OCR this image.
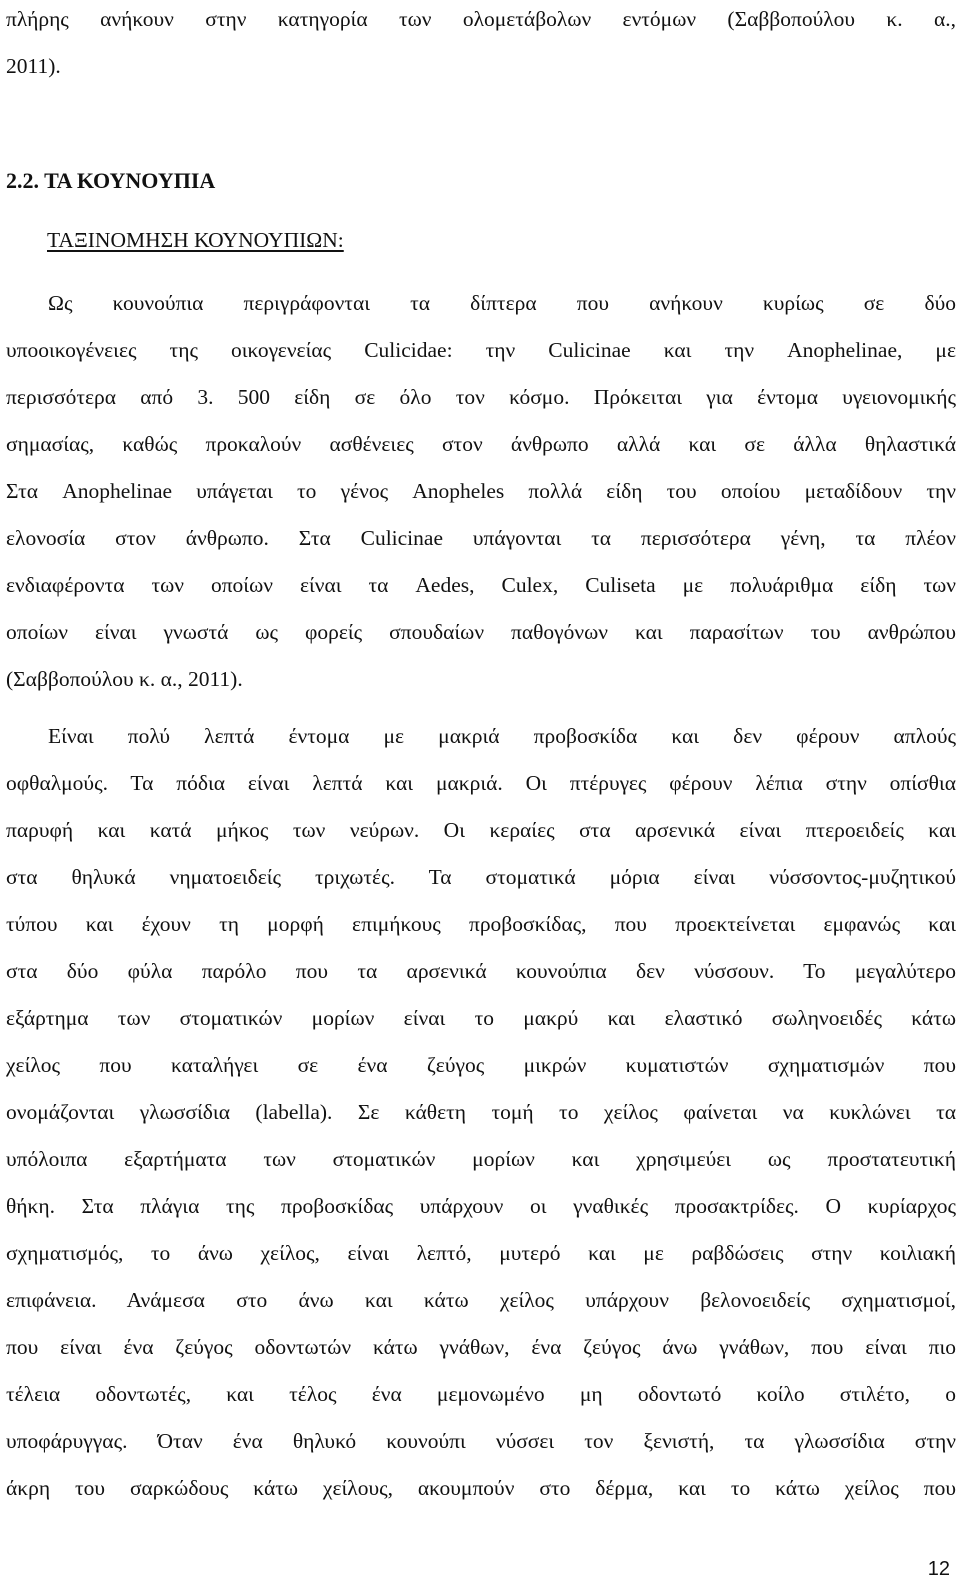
πλήρης ανήκουν στην κατηγορία των ολομετάβολων εντόμων (Σαββοπούλου κ. α.,
2011).
2.2. ΤΑ ΚΟΥΝΟΥΠΙΑ
ΤΑΞΙΝΟΜΗΣΗ ΚΟΥΝΟΥΠΙΩΝ:
Ως κουνούπια περιγράφονται τα δίπτερα που ανήκουν κυρίως σε δύο
υποοικογένειες της οικογενείας Culicidae: την Culicinae και την Anophelinae, με
περισσότερα από 3. 500 είδη σε όλο τον κόσμο. Πρόκειται για έντομα υγειονομικής
σημασίας, καθώς προκαλούν ασθένειες στον άνθρωπο αλλά και σε άλλα θηλαστικά
Στα Anophelinae υπάγεται το γένος Anopheles πολλά είδη του οποίου μεταδίδουν την
ελονοσία στον άνθρωπο. Στα Culicinae υπάγονται τα περισσότερα γένη, τα πλέον
ενδιαφέροντα των οποίων είναι τα Aedes, Culex, Culiseta με πολυάριθμα είδη των
οποίων είναι γνωστά ως φορείς σπουδαίων παθογόνων και παρασίτων του ανθρώπου
(Σαββοπούλου κ. α., 2011).
Είναι πολύ λεπτά έντομα με μακριά προβοσκίδα και δεν φέρουν απλούς
οφθαλμούς. Τα πόδια είναι λεπτά και μακριά. Οι πτέρυγες φέρουν λέπια στην οπίσθια
παρυφή και κατά μήκος των νεύρων. Οι κεραίες στα αρσενικά είναι πτεροειδείς και
στα θηλυκά νηματοειδείς τριχωτές. Τα στοματικά μόρια είναι νύσσοντος-μυζητικού
τύπου και έχουν τη μορφή επιμήκους προβοσκίδας, που προεκτείνεται εμφανώς και
στα δύο φύλα παρόλο που τα αρσενικά κουνούπια δεν νύσσουν. Το μεγαλύτερο
εξάρτημα των στοματικών μορίων είναι το μακρύ και ελαστικό σωληνοειδές κάτω
χείλος που καταλήγει σε ένα ζεύγος μικρών κυματιστών σχηματισμών που
ονομάζονται γλωσσίδια (labella). Σε κάθετη τομή το χείλος φαίνεται να κυκλώνει τα
υπόλοιπα εξαρτήματα των στοματικών μορίων και χρησιμεύει ως προστατευτική
θήκη. Στα πλάγια της προβοσκίδας υπάρχουν οι γναθικές προσακτρίδες. Ο κυρίαρχος
σχηματισμός, το άνω χείλος, είναι λεπτό, μυτερό και με ραβδώσεις στην κοιλιακή
επιφάνεια. Ανάμεσα στο άνω και κάτω χείλος υπάρχουν βελονοειδείς σχηματισμοί,
που είναι ένα ζεύγος οδοντωτών κάτω γνάθων, ένα ζεύγος άνω γνάθων, που είναι πιο
τέλεια οδοντωτές, και τέλος ένα μεμονωμένο μη οδοντωτό κοίλο στιλέτο, ο
υποφάρυγγας. Όταν ένα θηλυκό κουνούπι νύσσει τον ξενιστή, τα γλωσσίδια στην
άκρη του σαρκώδους κάτω χείλους, ακουμπούν στο δέρμα, και το κάτω χείλος που
12
